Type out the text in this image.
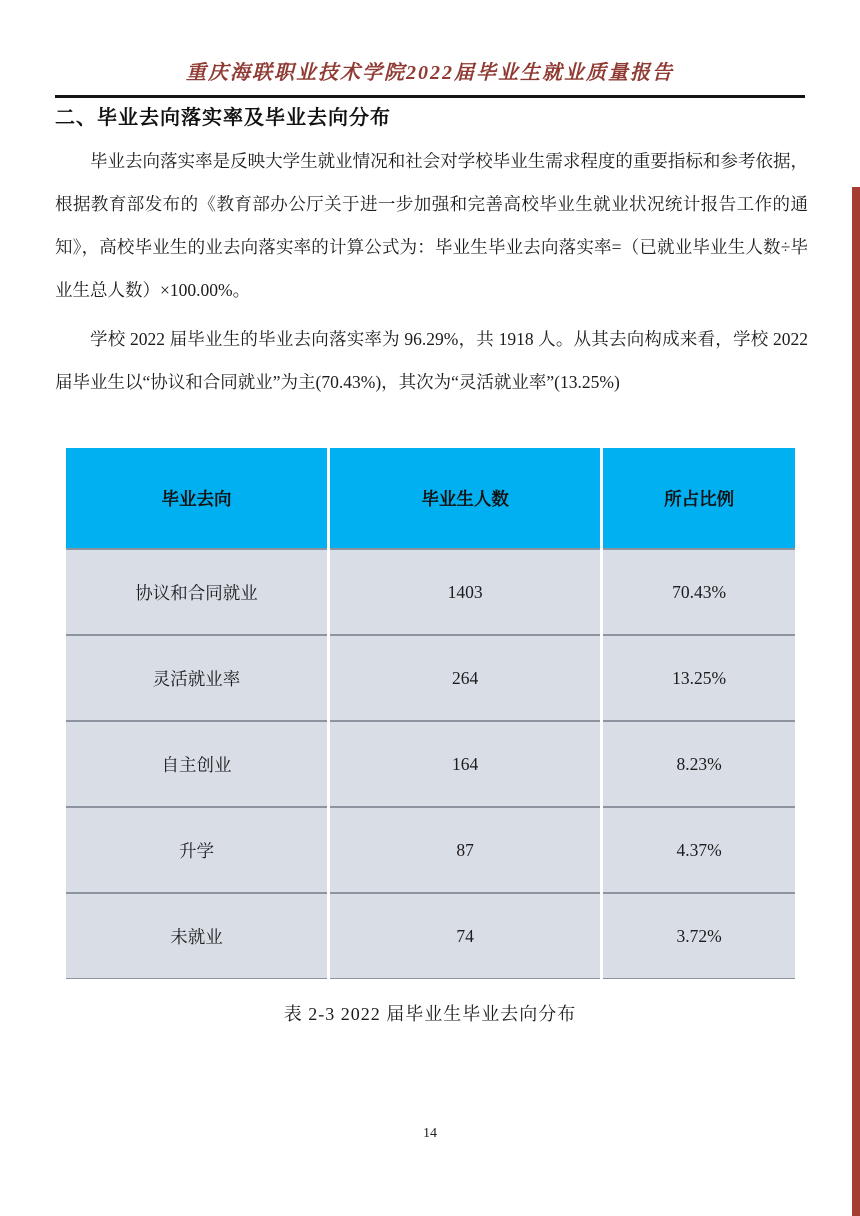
重庆海联职业技术学院2022届毕业生就业质量报告
二、毕业去向落实率及毕业去向分布

毕业去向落实率是反映大学生就业情况和社会对学校毕业生需求程度的重要指标和参考依据，根据教育部发布的《教育部办公厅关于进一步加强和完善高校毕业生就业状况统计报告工作的通知》，高校毕业生的业去向落实率的计算公式为：毕业生毕业去向落实率=（已就业毕业生人数÷毕业生总人数）×100.00%。

学校 2022 届毕业生的毕业去向落实率为 96.29%，共 1918 人。从其去向构成来看，学校 2022 届毕业生以“协议和合同就业”为主(70.43%)，其次为“灵活就业率”(13.25%)

毕业去向	毕业生人数	所占比例
协议和合同就业	1403	70.43%
灵活就业率	264	13.25%
自主创业	164	8.23%
升学	87	4.37%
未就业	74	3.72%
表 2-3 2022 届毕业生毕业去向分布
14
